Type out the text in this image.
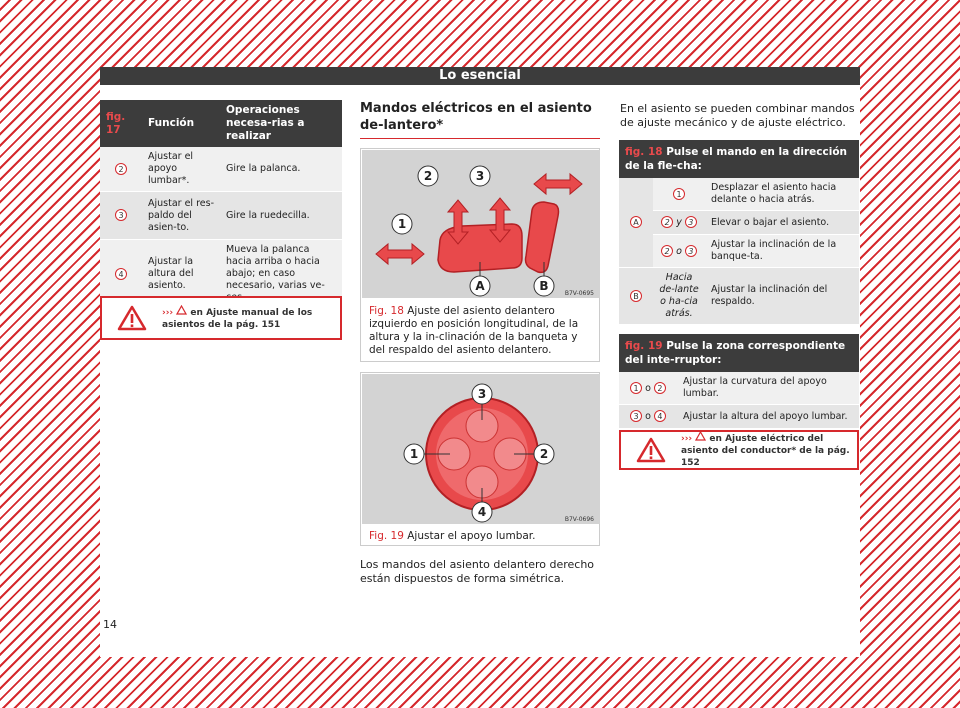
Lo esencial
fig. 17	Función	Operaciones necesa-rias a realizar
2	Ajustar el apoyo lumbar*.	Gire la palanca.
3	Ajustar el res-paldo del asien-to.	Gire la ruedecilla.
4	Ajustar la altura del asiento.	Mueva la palanca hacia arriba o hacia abajo; en caso necesario, varias ve-
››› en Ajuste manual de los asientos de la pág. 151
Mandos eléctricos en el asiento de-lantero*
1
2	3
A	B
B7V-0695
Fig. 18 Ajuste del asiento delantero izquierdo en posición longitudinal, de la altura y la in-clinación de la banqueta y del respaldo del asiento delantero.
1	2
3
4
B7V-0696
Fig. 19 Ajustar el apoyo lumbar.
Los mandos del asiento delantero derecho están dispuestos de forma simétrica.
En el asiento se pueden combinar mandos de ajuste mecánico y de ajuste eléctrico.
fig. 18 Pulse el mando en la dirección de la fle-cha:
A	1	Desplazar el asiento hacia delante o hacia atrás.
	2 y 3	Elevar o bajar el asiento.
	2 o 3	Ajustar la inclinación de la banque-ta.
B	Hacia de-lante o ha-cia atrás.	Ajustar la inclinación del respaldo.
fig. 19 Pulse la zona correspondiente del inte-rruptor:
1 o 2	Ajustar la curvatura del apoyo lumbar.
3 o 4	Ajustar la altura del apoyo lumbar.
››› en Ajuste eléctrico del asiento del conductor* de la pág. 152
14
